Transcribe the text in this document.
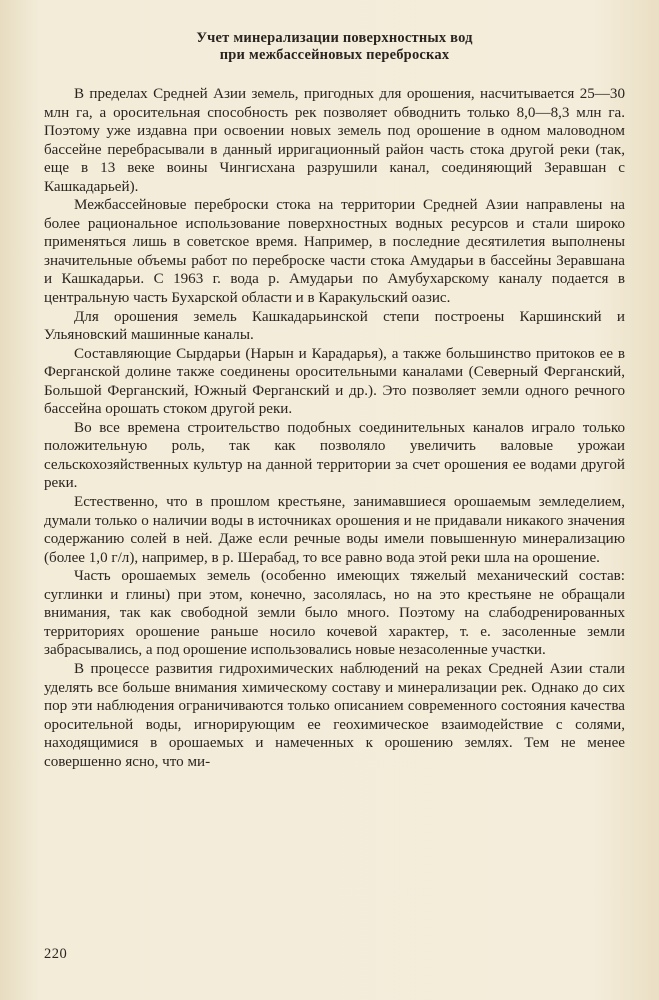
Учет минерализации поверхностных вод
при межбассейновых перебросках

В пределах Средней Азии земель, пригодных для орошения, насчитывается 25—30 млн га, а оросительная способность рек позволяет обводнить только 8,0—8,3 млн га. Поэтому уже издавна при освоении новых земель под орошение в одном маловодном бассейне перебрасывали в данный ирригационный район часть стока другой реки (так, еще в 13 веке воины Чингисхана разрушили канал, соединяющий Зеравшан с Кашкадарьей).

Межбассейновые переброски стока на территории Средней Азии направлены на более рациональное использование поверхностных водных ресурсов и стали широко применяться лишь в советское время. Например, в последние десятилетия выполнены значительные объемы работ по переброске части стока Амударьи в бассейны Зеравшана и Кашкадарьи. С 1963 г. вода р. Амударьи по Амубухарскому каналу подается в центральную часть Бухарской области и в Каракульский оазис.

Для орошения земель Кашкадарьинской степи построены Каршинский и Ульяновский машинные каналы.

Составляющие Сырдарьи (Нарын и Карадарья), а также большинство притоков ее в Ферганской долине также соединены оросительными каналами (Северный Ферганский, Большой Ферганский, Южный Ферганский и др.). Это позволяет земли одного речного бассейна орошать стоком другой реки.

Во все времена строительство подобных соединительных каналов играло только положительную роль, так как позволяло увеличить валовые урожаи сельскохозяйственных культур на данной территории за счет орошения ее водами другой реки.

Естественно, что в прошлом крестьяне, занимавшиеся орошаемым земледелием, думали только о наличии воды в источниках орошения и не придавали никакого значения содержанию солей в ней. Даже если речные воды имели повышенную минерализацию (более 1,0 г/л), например, в р. Шерабад, то все равно вода этой реки шла на орошение.

Часть орошаемых земель (особенно имеющих тяжелый механический состав: суглинки и глины) при этом, конечно, засолялась, но на это крестьяне не обращали внимания, так как свободной земли было много. Поэтому на слабодренированных территориях орошение раньше носило кочевой характер, т. е. засоленные земли забрасывались, а под орошение использовались новые незасоленные участки.

В процессе развития гидрохимических наблюдений на реках Средней Азии стали уделять все больше внимания химическому составу и минерализации рек. Однако до сих пор эти наблюдения ограничиваются только описанием современного состояния качества оросительной воды, игнорирующим ее геохимическое взаимодействие с солями, находящимися в орошаемых и намеченных к орошению землях. Тем не менее совершенно ясно, что ми-

220
